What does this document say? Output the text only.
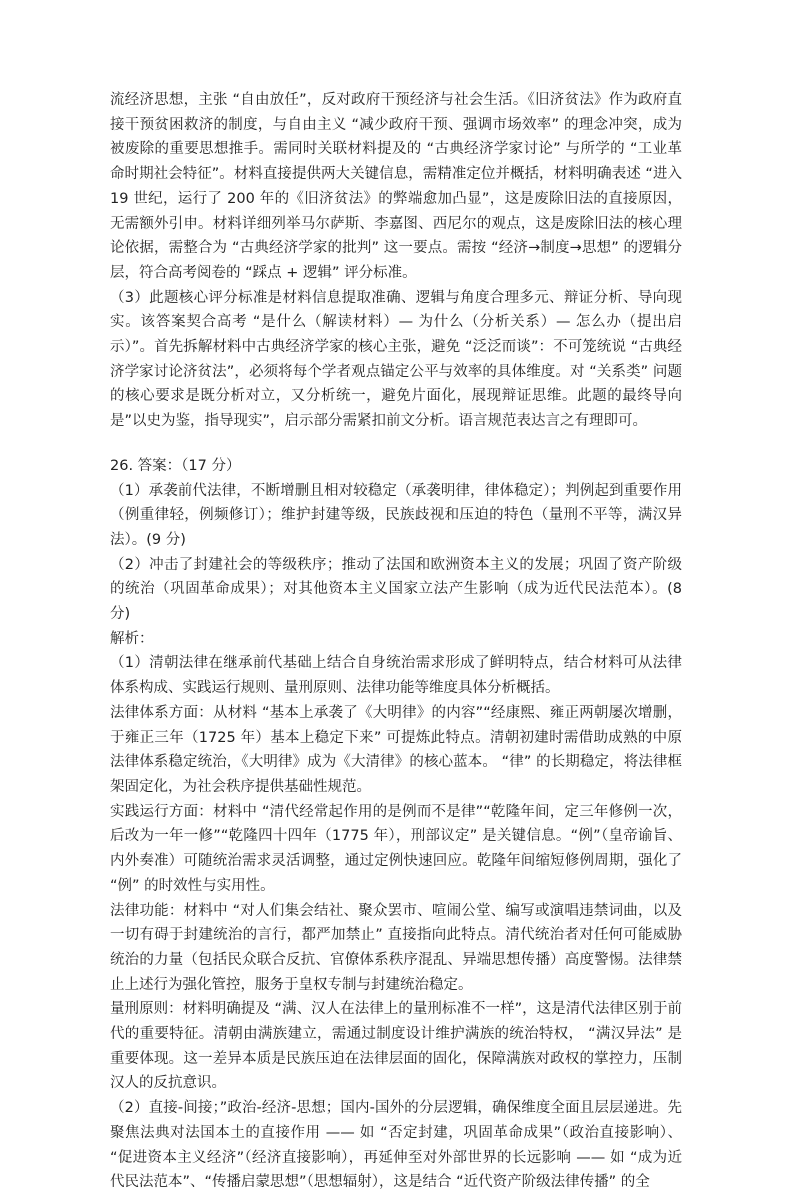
流经济思想，主张 “自由放任”，反对政府干预经济与社会生活。《旧济贫法》作为政府直接干预贫困救济的制度，与自由主义 “减少政府干预、强调市场效率” 的理念冲突，成为被废除的重要思想推手。需同时关联材料提及的 “古典经济学家讨论” 与所学的 “工业革命时期社会特征”。材料直接提供两大关键信息，需精准定位并概括，材料明确表述 “进入 19 世纪，运行了 200 年的《旧济贫法》的弊端愈加凸显”，这是废除旧法的直接原因，无需额外引申。材料详细列举马尔萨斯、李嘉图、西尼尔的观点，这是废除旧法的核心理论依据，需整合为 “古典经济学家的批判” 这一要点。需按 “经济→制度→思想” 的逻辑分层，符合高考阅卷的 “踩点 + 逻辑” 评分标准。

（3）此题核心评分标准是材料信息提取准确、逻辑与角度合理多元、辩证分析、导向现实。该答案契合高考 “是什么（解读材料）— 为什么（分析关系）— 怎么办（提出启示）”。首先拆解材料中古典经济学家的核心主张，避免 “泛泛而谈”：不可笼统说 “古典经济学家讨论济贫法”，必须将每个学者观点锚定公平与效率的具体维度。对 “关系类” 问题的核心要求是既分析对立，又分析统一，避免片面化，展现辩证思维。此题的最终导向是”以史为鉴，指导现实”，启示部分需紧扣前文分析。语言规范表达言之有理即可。

26. 答案：（17 分）

（1）承袭前代法律，不断增删且相对较稳定（承袭明律，律体稳定）；判例起到重要作用（例重律轻，例频修订）；维护封建等级，民族歧视和压迫的特色（量刑不平等，满汉异法）。(9 分)

（2）冲击了封建社会的等级秩序；推动了法国和欧洲资本主义的发展；巩固了资产阶级的统治（巩固革命成果）；对其他资本主义国家立法产生影响（成为近代民法范本）。(8 分)

解析：

（1）清朝法律在继承前代基础上结合自身统治需求形成了鲜明特点，结合材料可从法律体系构成、实践运行规则、量刑原则、法律功能等维度具体分析概括。

法律体系方面：从材料 “基本上承袭了《大明律》的内容”“经康熙、雍正两朝屡次增删，于雍正三年（1725 年）基本上稳定下来” 可提炼此特点。清朝初建时需借助成熟的中原法律体系稳定统治，《大明律》成为《大清律》的核心蓝本。 “律” 的长期稳定，将法律框架固定化，为社会秩序提供基础性规范。

实践运行方面：材料中 “清代经常起作用的是例而不是律”“乾隆年间，定三年修例一次，后改为一年一修”“乾隆四十四年（1775 年），刑部议定” 是关键信息。“例”（皇帝谕旨、内外奏准）可随统治需求灵活调整，通过定例快速回应。乾隆年间缩短修例周期，强化了 “例” 的时效性与实用性。

法律功能：材料中 “对人们集会结社、聚众罢市、喧闹公堂、编写或演唱违禁词曲，以及一切有碍于封建统治的言行，都严加禁止” 直接指向此特点。清代统治者对任何可能威胁统治的力量（包括民众联合反抗、官僚体系秩序混乱、异端思想传播）高度警惕。法律禁止上述行为强化管控，服务于皇权专制与封建统治稳定。

量刑原则：材料明确提及 “满、汉人在法律上的量刑标准不一样”，这是清代法律区别于前代的重要特征。清朝由满族建立，需通过制度设计维护满族的统治特权， “满汉异法” 是重要体现。这一差异本质是民族压迫在法律层面的固化，保障满族对政权的掌控力，压制汉人的反抗意识。

（2）直接-间接；”政治-经济-思想；国内-国外的分层逻辑，确保维度全面且层层递进。先聚焦法典对法国本土的直接作用 —— 如 “否定封建，巩固革命成果”（政治直接影响）、 “促进资本主义经济”（经济直接影响），再延伸至对外部世界的长远影响 —— 如 “成为近代民法范本”、“传播启蒙思想”（思想辐射），这是结合 “近代资产阶级法律传播” 的全
